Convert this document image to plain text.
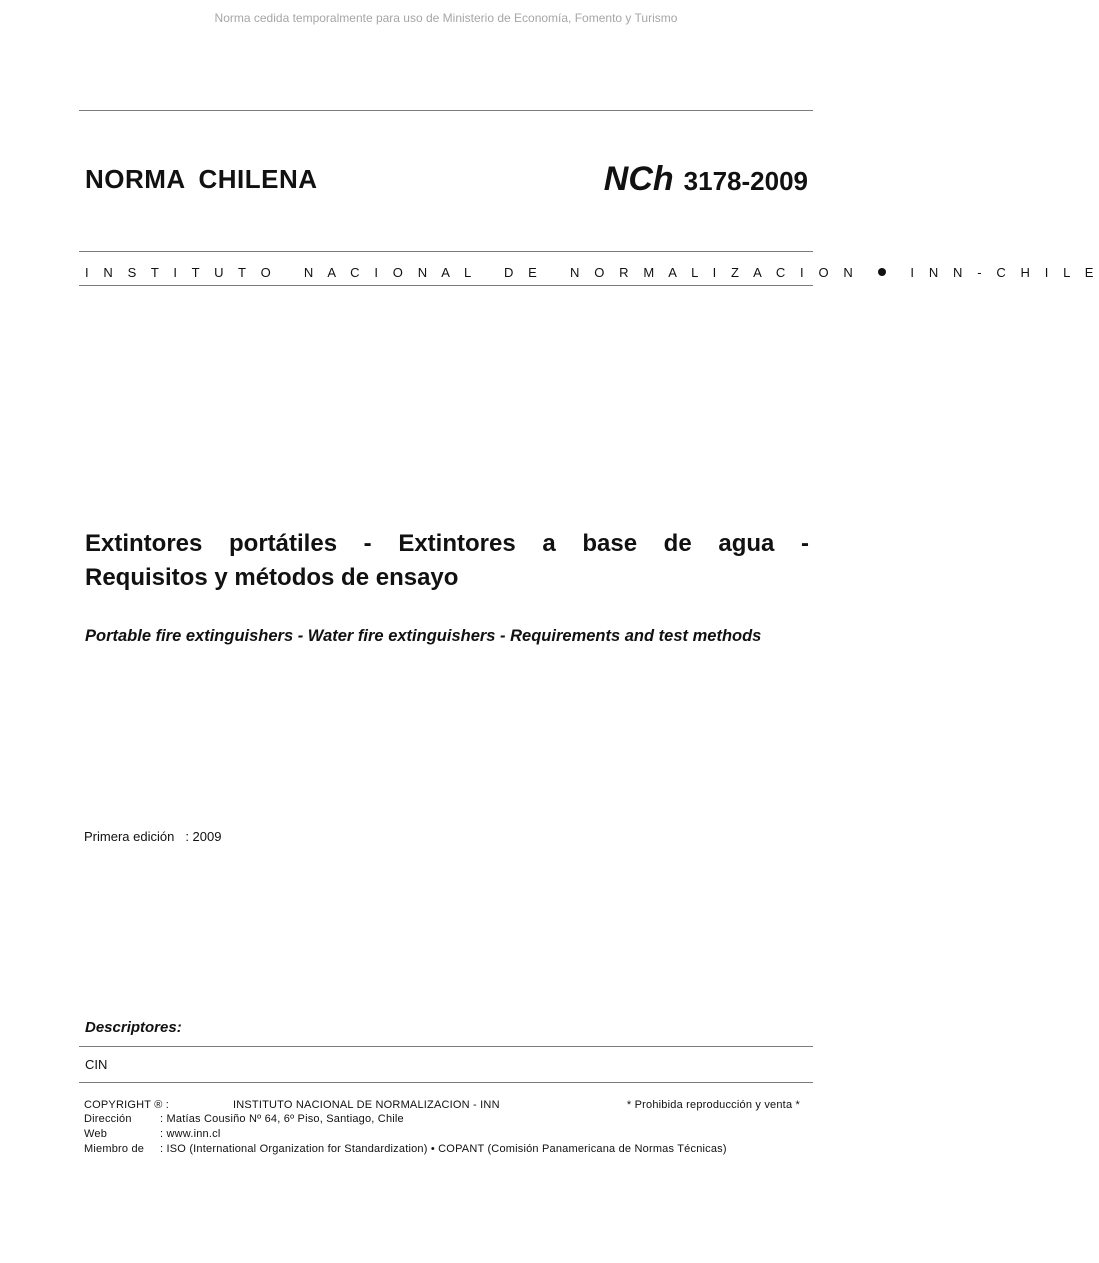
Norma cedida temporalmente para uso de Ministerio de Economía, Fomento y Turismo
NORMA CHILENA	NCh 3178-2009
I N S T I T U T O   N A C I O N A L   D E   N O R M A L I Z A C I O N	I N N - C H I L E
Extintores portátiles - Extintores a base de agua -
Requisitos y métodos de ensayo
Portable fire extinguishers - Water fire extinguishers - Requirements and test methods
Primera edición : 2009
Descriptores:
CIN
COPYRIGHT ® :	INSTITUTO NACIONAL DE NORMALIZACION - INN	* Prohibida reproducción y venta *
Dirección	: Matías Cousiño Nº 64, 6º Piso, Santiago, Chile
Web	: www.inn.cl
Miembro de : ISO (International Organization for Standardization) • COPANT (Comisión Panamericana de Normas Técnicas)
